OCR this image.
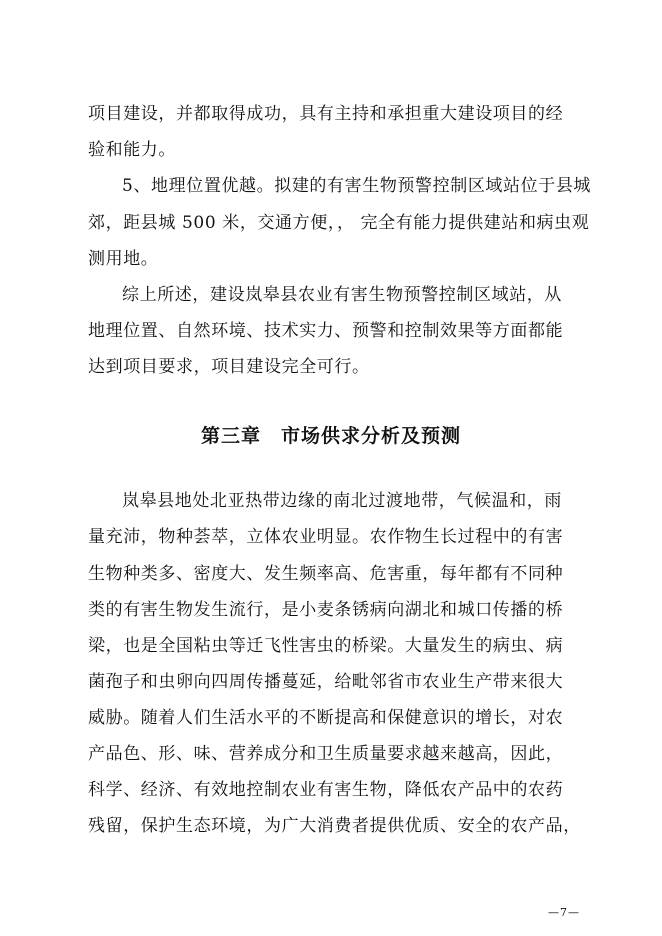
项目建设，并都取得成功，具有主持和承担重大建设项目的经
验和能力。
5、地理位置优越。拟建的有害生物预警控制区域站位于县城
郊，距县城 500 米，交通方便，， 完全有能力提供建站和病虫观
测用地。
综上所述，建设岚皋县农业有害生物预警控制区域站，从
地理位置、自然环境、技术实力、预警和控制效果等方面都能
达到项目要求，项目建设完全可行。
第三章　市场供求分析及预测
岚皋县地处北亚热带边缘的南北过渡地带，气候温和，雨
量充沛，物种荟萃，立体农业明显。农作物生长过程中的有害
生物种类多、密度大、发生频率高、危害重，每年都有不同种
类的有害生物发生流行，是小麦条锈病向湖北和城口传播的桥
梁，也是全国粘虫等迁飞性害虫的桥梁。大量发生的病虫、病
菌孢子和虫卵向四周传播蔓延，给毗邻省市农业生产带来很大
威胁。随着人们生活水平的不断提高和保健意识的增长，对农
产品色、形、味、营养成分和卫生质量要求越来越高，因此，
科学、经济、有效地控制农业有害生物，降低农产品中的农药
残留，保护生态环境，为广大消费者提供优质、安全的农产品，
—7—
